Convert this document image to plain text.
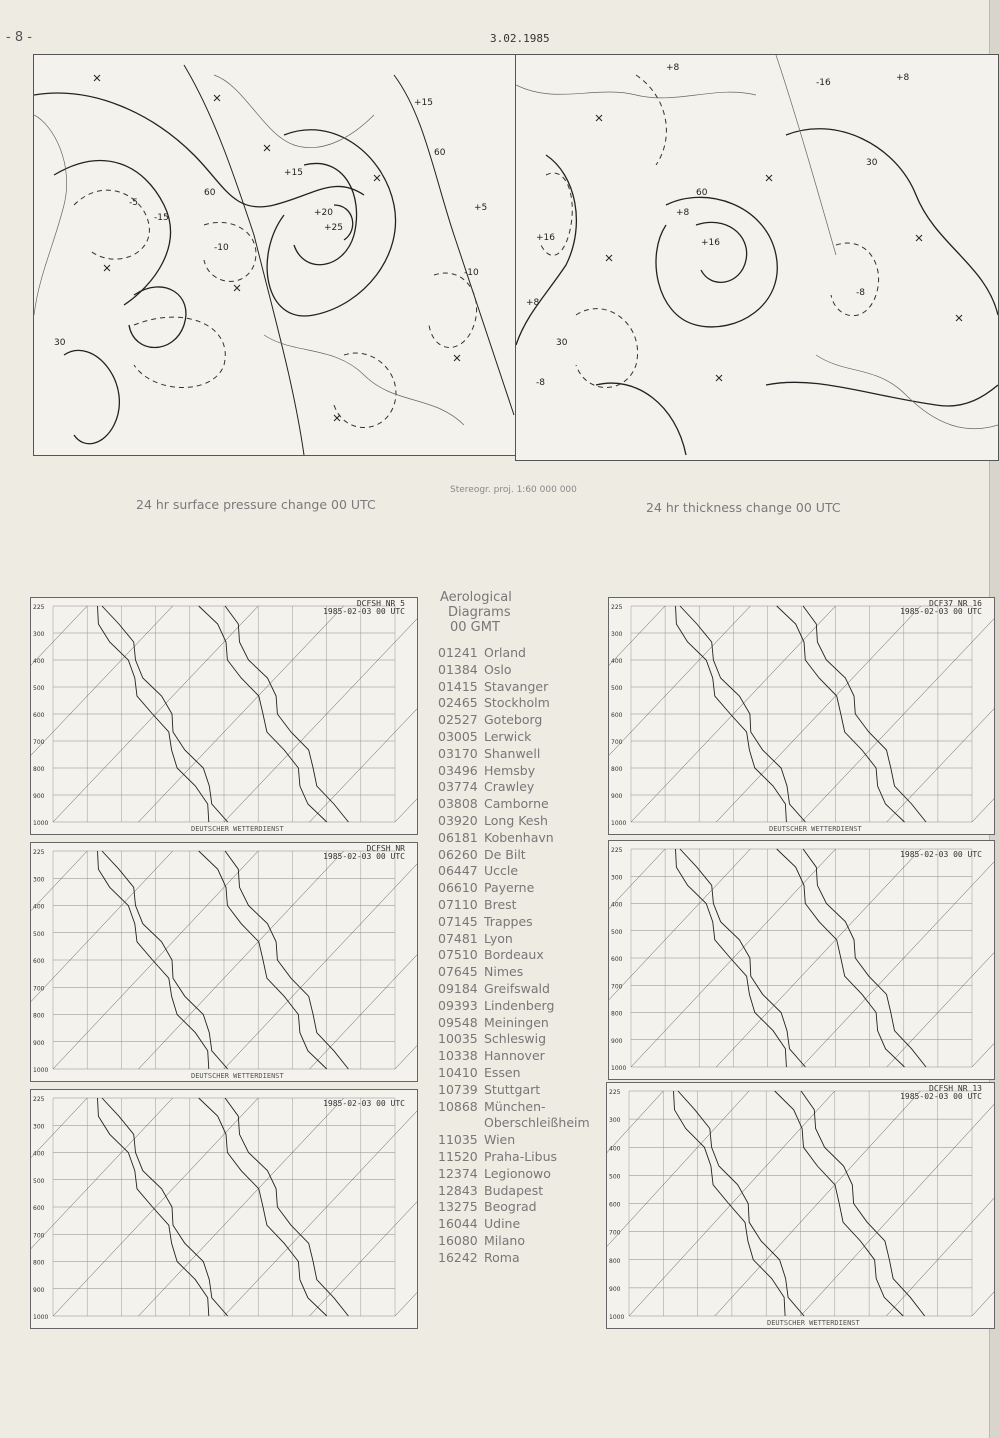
- 8 -	3.02.1985
-15
-10
-5
+25
+20
+15
+15
+5
-10
30
60
60
+16
+16
+8
+8
-8
-8
-16	+8
+8
30
60
30
24 hr surface pressure change 00 UTC
Stereogr. proj. 1:60 000 000
24 hr thickness change 00 UTC
225
300
400
500
600
700
800
900
1000
DCFSH NR 5
1985-02-03 00 UTC
DEUTSCHER WETTERDIENST
225
300
400
500
600
700
800
900
1000
DCFSH NR
1985-02-03 00 UTC
DEUTSCHER WETTERDIENST
225
300
400
500
600
700
800
900
1000
1985-02-03 00 UTC
225
300
400
500
600
700
800
900
1000
DCF37 NR 16
1985-02-03 00 UTC
DEUTSCHER WETTERDIENST
225
300
400
500
600
700
800
900
1000
1985-02-03 00 UTC
225
300
400
500
600
700
800
900
1000
DCFSH NR 13
1985-02-03 00 UTC
DEUTSCHER WETTERDIENST
Aerological
Diagrams
00 GMT
01241 Orland
01384 Oslo
01415 Stavanger
02465 Stockholm
02527 Goteborg
03005 Lerwick
03170 Shanwell
03496 Hemsby
03774 Crawley
03808 Camborne
03920 Long Kesh
06181 Kobenhavn
06260 De Bilt
06447 Uccle
06610 Payerne
07110 Brest
07145 Trappes
07481 Lyon
07510 Bordeaux
07645 Nimes
09184 Greifswald
09393 Lindenberg
09548 Meiningen
10035 Schleswig
10338 Hannover
10410 Essen
10739 Stuttgart
10868 München-
Oberschleißheim
11035 Wien
11520 Praha-Libus
12374 Legionowo
12843 Budapest
13275 Beograd
16044 Udine
16080 Milano
16242 Roma
